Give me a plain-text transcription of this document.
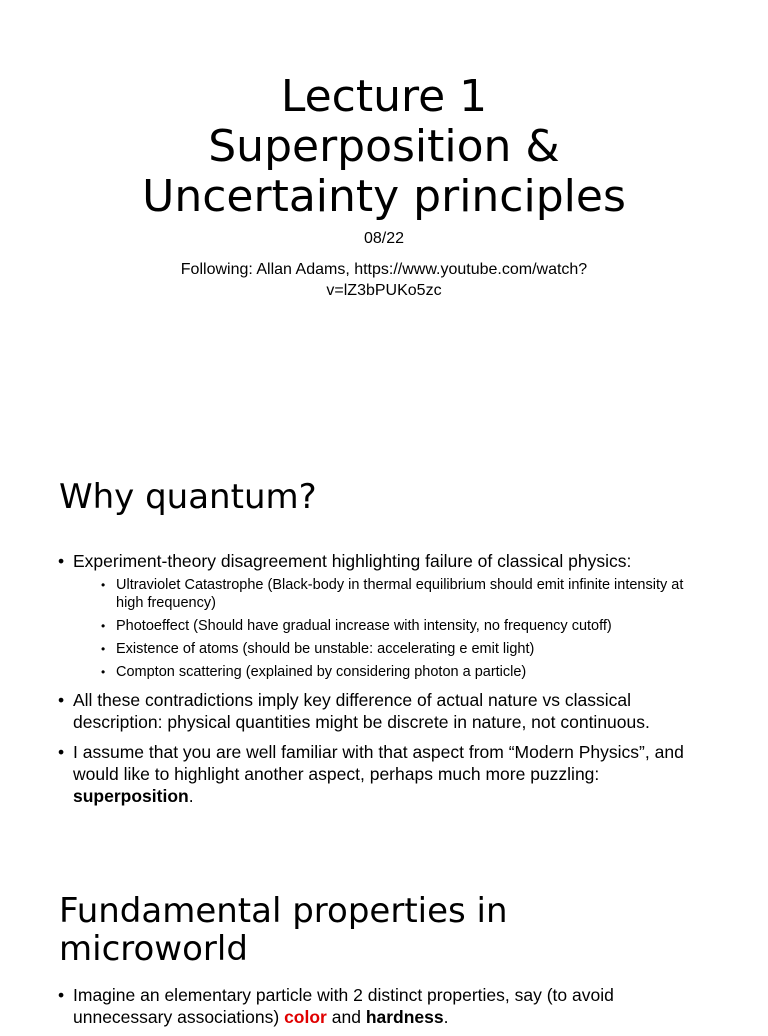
Lecture 1
Superposition &
Uncertainty principles
08/22
Following: Allan Adams, https://www.youtube.com/watch?
v=lZ3bPUKo5zc
Why quantum?
• Experiment-theory disagreement highlighting failure of classical physics:
• Ultraviolet Catastrophe (Black-body in thermal equilibrium should emit infinite intensity at high frequency)
• Photoeffect (Should have gradual increase with intensity, no frequency cutoff)
• Existence of atoms (should be unstable: accelerating e emit light)
• Compton scattering (explained by considering photon a particle)
• All these contradictions imply key difference of actual nature vs classical description: physical quantities might be discrete in nature, not continuous.
• I assume that you are well familiar with that aspect from “Modern Physics”, and would like to highlight another aspect, perhaps much more puzzling: superposition.
Fundamental properties in
microworld
• Imagine an elementary particle with 2 distinct properties, say (to avoid unnecessary associations) color and hardness.
